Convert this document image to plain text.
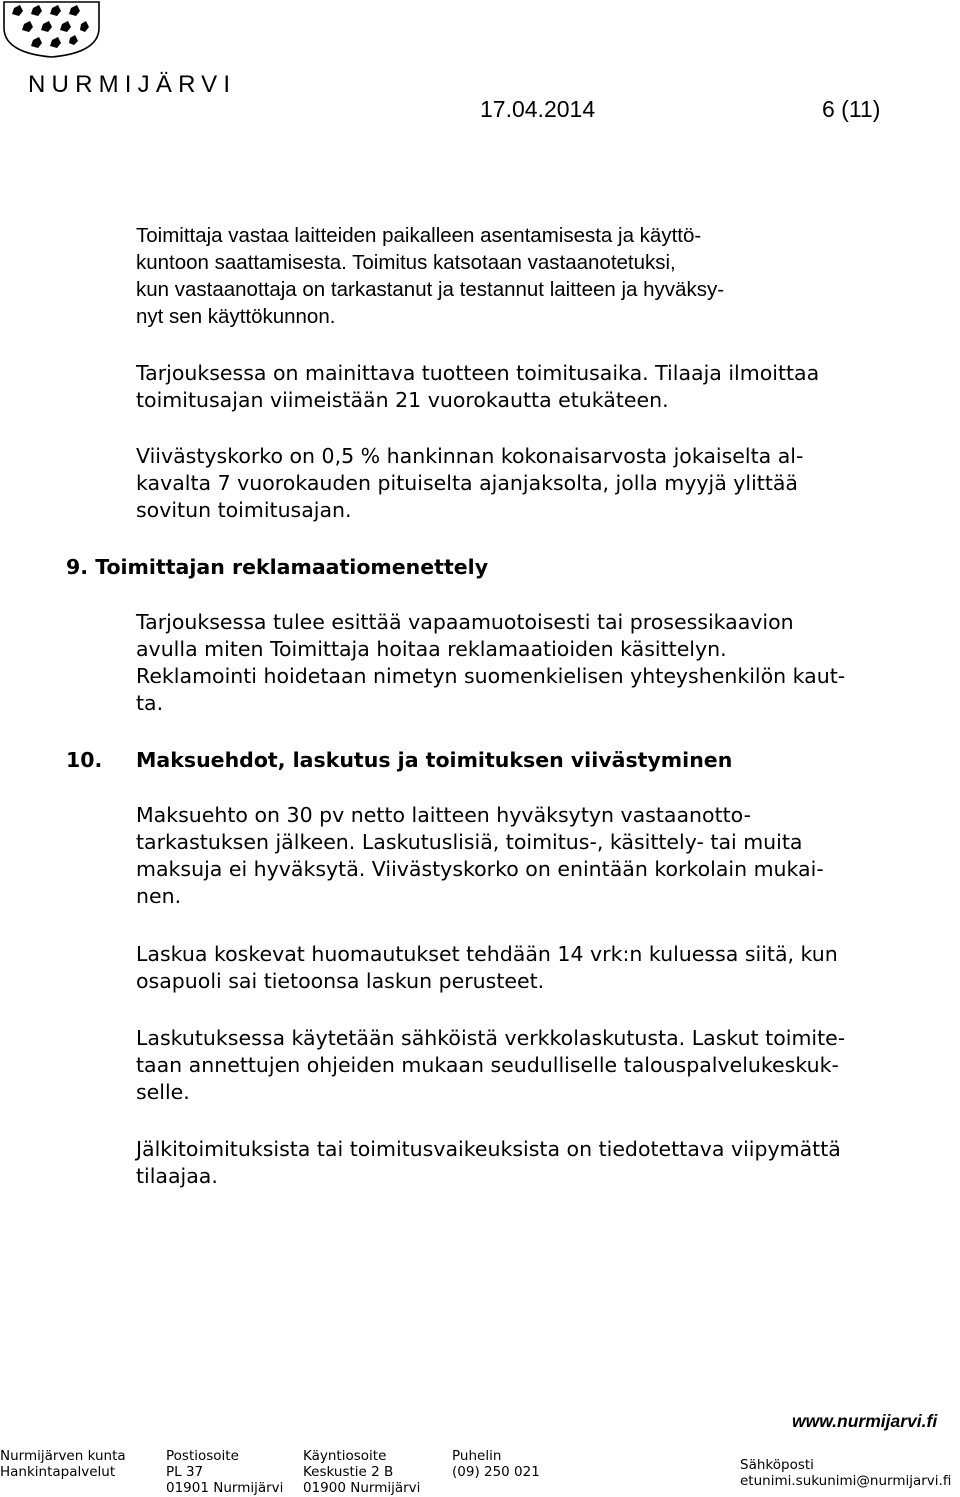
NURMIJÄRVI
17.04.2014	6 (11)
Toimittaja vastaa laitteiden paikalleen asentamisesta ja käyttö-
kuntoon saattamisesta. Toimitus katsotaan vastaanotetuksi,
kun vastaanottaja on tarkastanut ja testannut laitteen ja hyväksy-
nyt sen käyttökunnon.
Tarjouksessa on mainittava tuotteen toimitusaika. Tilaaja ilmoittaa
toimitusajan viimeistään 21 vuorokautta etukäteen.
Viivästyskorko on 0,5 % hankinnan kokonaisarvosta jokaiselta al-
kavalta 7 vuorokauden pituiselta ajanjaksolta, jolla myyjä ylittää
sovitun toimitusajan.
9. Toimittajan reklamaatiomenettely
Tarjouksessa tulee esittää vapaamuotoisesti tai prosessikaavion
avulla miten Toimittaja hoitaa reklamaatioiden käsittelyn.
Reklamointi hoidetaan nimetyn suomenkielisen yhteyshenkilön kaut-
ta.
10. Maksuehdot, laskutus ja toimituksen viivästyminen
Maksuehto on 30 pv netto laitteen hyväksytyn vastaanotto-
tarkastuksen jälkeen. Laskutuslisiä, toimitus-, käsittely- tai muita
maksuja ei hyväksytä. Viivästyskorko on enintään korkolain mukai-
nen.
Laskua koskevat huomautukset tehdään 14 vrk:n kuluessa siitä, kun
osapuoli sai tietoonsa laskun perusteet.
Laskutuksessa käytetään sähköistä verkkolaskutusta. Laskut toimite-
taan annettujen ohjeiden mukaan seudulliselle talouspalvelukeskuk-
selle.
Jälkitoimituksista tai toimitusvaikeuksista on tiedotettava viipymättä
tilaajaa.
www.nurmijarvi.fi
Nurmijärven kunta
Hankintapalvelut
Postiosoite
PL 37
01901 Nurmijärvi
Käyntiosoite
Keskustie 2 B
01900 Nurmijärvi
Puhelin
(09) 250 021	Sähköposti
etunimi.sukunimi@nurmijarvi.fi
